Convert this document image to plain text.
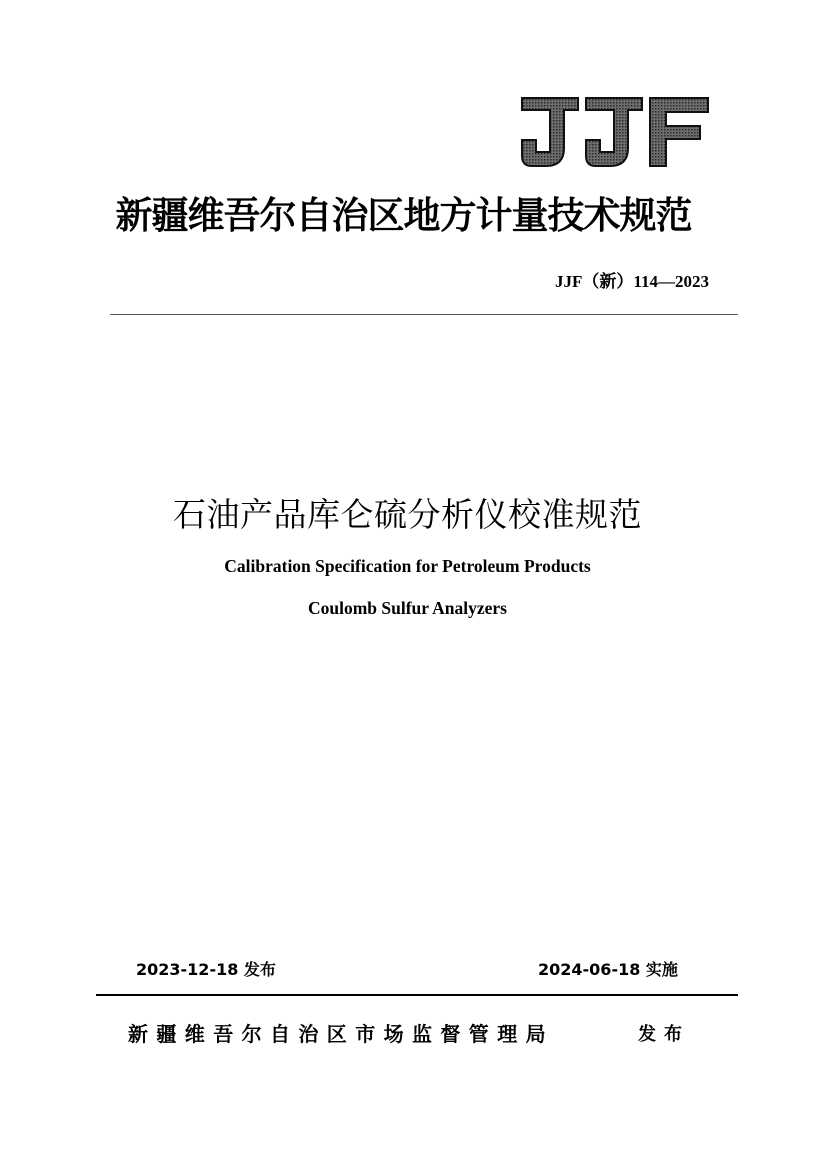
新疆维吾尔自治区地方计量技术规范
JJF（新）114—2023
石油产品库仑硫分析仪校准规范
Calibration Specification for Petroleum Products
Coulomb Sulfur Analyzers
2023-12-18 发布	2024-06-18 实施
新疆维吾尔自治区市场监督管理局	发布
